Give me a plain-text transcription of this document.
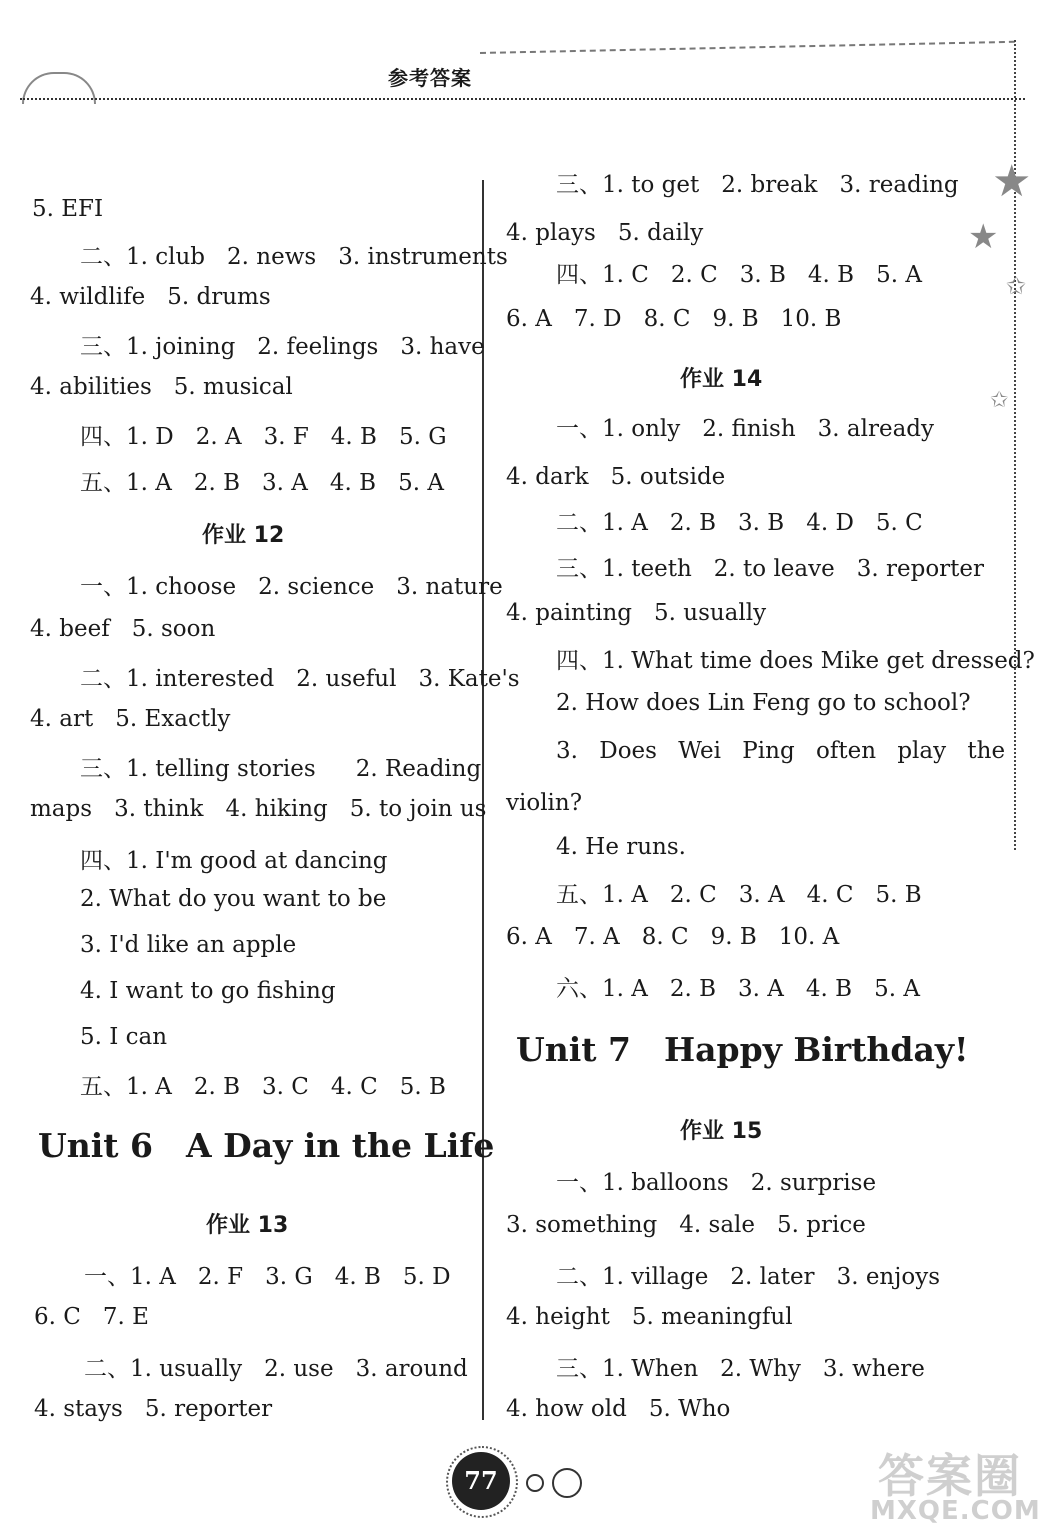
参考答案
★
★
✩
✩
5. EFI
二、1. club 2. news 3. instruments
4. wildlife 5. drums
三、1. joining 2. feelings 3. have
4. abilities 5. musical
四、1. D 2. A 3. F 4. B 5. G
五、1. A 2. B 3. A 4. B 5. A
作业 12
一、1. choose 2. science 3. nature
4. beef 5. soon
二、1. interested 2. useful 3. Kate's
4. art 5. Exactly
三、1. telling stories 2. Reading
maps 3. think 4. hiking 5. to join us
四、1. I'm good at dancing
2. What do you want to be
3. I'd like an apple
4. I want to go fishing
5. I can
五、1. A 2. B 3. C 4. C 5. B
Unit 6 A Day in the Life
作业 13
一、1. A 2. F 3. G 4. B 5. D
6. C 7. E
二、1. usually 2. use 3. around
4. stays 5. reporter
三、1. to get 2. break 3. reading
4. plays 5. daily
四、1. C 2. C 3. B 4. B 5. A
6. A 7. D 8. C 9. B 10. B
作业 14
一、1. only 2. finish 3. already
4. dark 5. outside
二、1. A 2. B 3. B 4. D 5. C
三、1. teeth 2. to leave 3. reporter
4. painting 5. usually
四、1. What time does Mike get dressed?
2. How does Lin Feng go to school?
3. Does Wei Ping often play the
violin?
4. He runs.
五、1. A 2. C 3. A 4. C 5. B
6. A 7. A 8. C 9. B 10. A
六、1. A 2. B 3. A 4. B 5. A
Unit 7 Happy Birthday!
作业 15
一、1. balloons 2. surprise
3. something 4. sale 5. price
二、1. village 2. later 3. enjoys
4. height 5. meaningful
三、1. When 2. Why 3. where
4. how old 5. Who
77	答案圈
MXQE.COM
